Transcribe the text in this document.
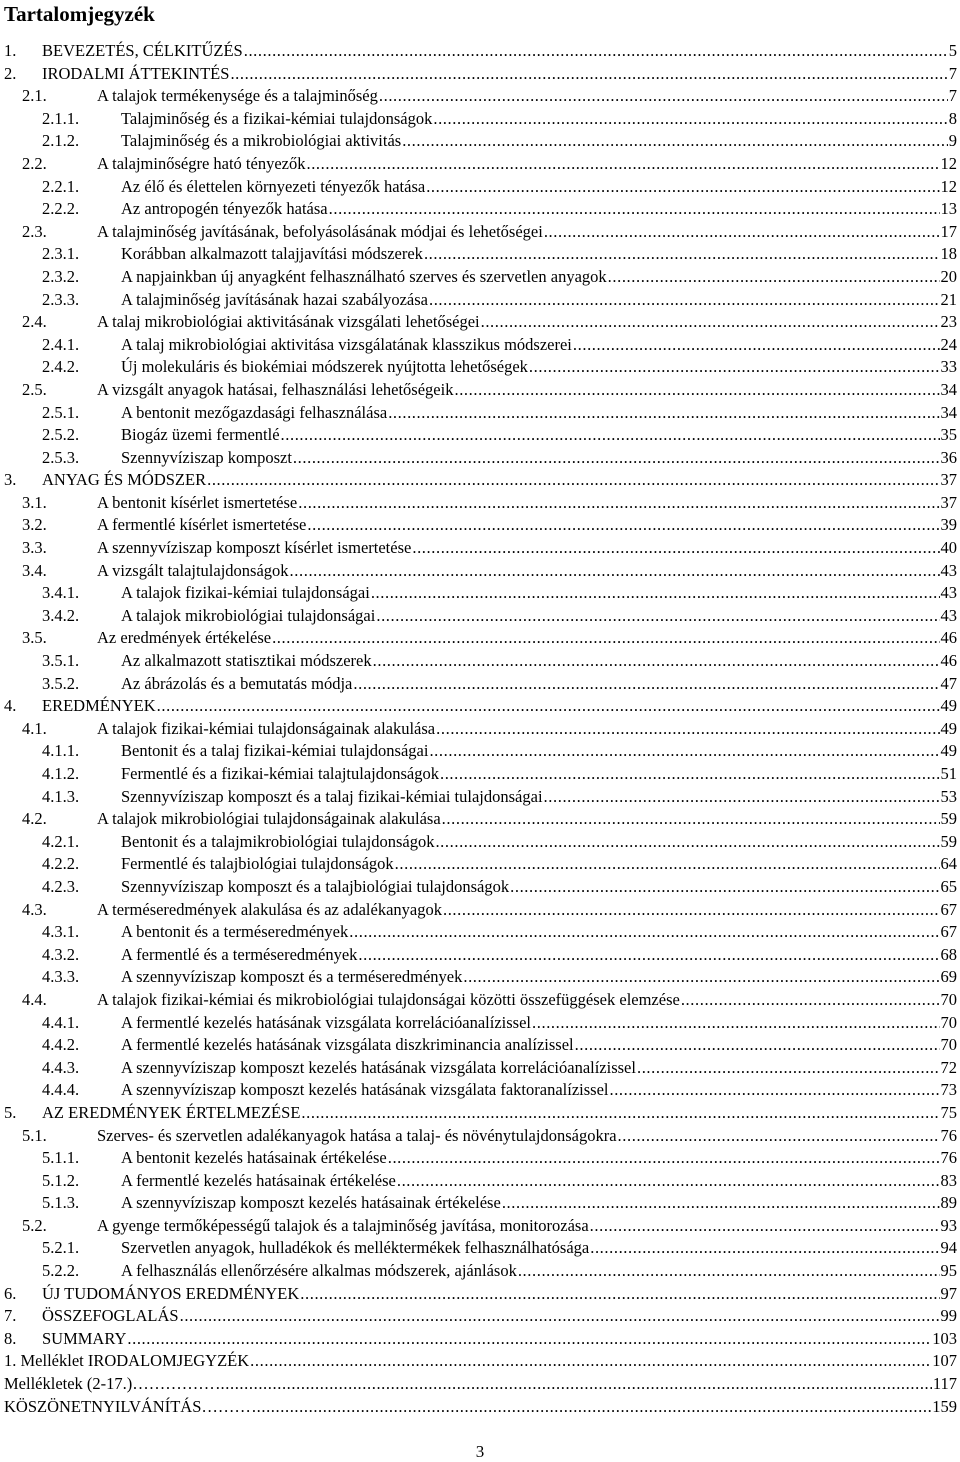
Tartalomjegyzék
1. BEVEZETÉS, CÉLKITŰZÉS .....	5
2. IRODALMI ÁTTEKINTÉS .....	7
2.1.	A talajok termékenysége és a talajminőség .....	7
2.1.1.	Talajminőség és a fizikai-kémiai tulajdonságok .....	8
2.1.2.	Talajminőség és a mikrobiológiai aktivitás .....	9
2.2.	A talajminőségre ható tényezők .....	12
2.2.1.	Az élő és élettelen környezeti tényezők hatása .....	12
2.2.2.	Az antropogén tényezők hatása .....	13
2.3.	A talajminőség javításának, befolyásolásának módjai és lehetőségei .....	17
2.3.1.	Korábban alkalmazott talajjavítási módszerek .....	18
2.3.2.	A napjainkban új anyagként felhasználható szerves és szervetlen anyagok .....	20
2.3.3.	A talajminőség javításának hazai szabályozása .....	21
2.4.	A talaj mikrobiológiai aktivitásának vizsgálati lehetőségei .....	23
2.4.1.	A talaj mikrobiológiai aktivitása vizsgálatának klasszikus módszerei .....	24
2.4.2.	Új molekuláris és biokémiai módszerek nyújtotta lehetőségek .....	33
2.5.	A vizsgált anyagok hatásai, felhasználási lehetőségeik .....	34
2.5.1.	A bentonit mezőgazdasági felhasználása .....	34
2.5.2.	Biogáz üzemi fermentlé .....	35
2.5.3.	Szennyvíziszap komposzt .....	36
3. ANYAG ÉS MÓDSZER .....	37
3.1.	A bentonit kísérlet ismertetése .....	37
3.2.	A fermentlé kísérlet ismertetése .....	39
3.3.	A szennyvíziszap komposzt kísérlet ismertetése .....	40
3.4.	A vizsgált talajtulajdonságok .....	43
3.4.1.	A talajok fizikai-kémiai tulajdonságai .....	43
3.4.2.	A talajok mikrobiológiai tulajdonságai .....	43
3.5.	Az eredmények értékelése .....	46
3.5.1.	Az alkalmazott statisztikai módszerek .....	46
3.5.2.	Az ábrázolás és a bemutatás módja .....	47
4. EREDMÉNYEK .....	49
4.1.	A talajok fizikai-kémiai tulajdonságainak alakulása .....	49
4.1.1.	Bentonit és a talaj fizikai-kémiai tulajdonságai .....	49
4.1.2.	Fermentlé és a fizikai-kémiai talajtulajdonságok .....	51
4.1.3.	Szennyvíziszap komposzt és a talaj fizikai-kémiai tulajdonságai .....	53
4.2.	A talajok mikrobiológiai tulajdonságainak alakulása .....	59
4.2.1.	Bentonit és a talajmikrobiológiai tulajdonságok .....	59
4.2.2.	Fermentlé és talajbiológiai tulajdonságok .....	64
4.2.3.	Szennyvíziszap komposzt és a talajbiológiai tulajdonságok .....	65
4.3.	A terméseredmények alakulása és az adalékanyagok .....	67
4.3.1.	A bentonit és a terméseredmények .....	67
4.3.2.	A fermentlé és a terméseredmények .....	68
4.3.3.	A szennyvíziszap komposzt és a terméseredmények .....	69
4.4.	A talajok fizikai-kémiai és mikrobiológiai tulajdonságai közötti összefüggések elemzése .....	70
4.4.1.	A fermentlé kezelés hatásának vizsgálata korrelációanalízissel .....	70
4.4.2.	A fermentlé kezelés hatásának vizsgálata diszkriminancia analízissel .....	70
4.4.3.	A szennyvíziszap komposzt kezelés hatásának vizsgálata korrelációanalízissel .....	72
4.4.4.	A szennyvíziszap komposzt kezelés hatásának vizsgálata faktoranalízissel .....	73
5. AZ EREDMÉNYEK ÉRTELMEZÉSE .....	75
5.1.	Szerves- és szervetlen adalékanyagok hatása a talaj- és növénytulajdonságokra .....	76
5.1.1.	A bentonit kezelés hatásainak értékelése .....	76
5.1.2.	A fermentlé kezelés hatásainak értékelése .....	83
5.1.3.	A szennyvíziszap komposzt kezelés hatásainak értékelése .....	89
5.2.	A gyenge termőképességű talajok és a talajminőség javítása, monitorozása .....	93
5.2.1.	Szervetlen anyagok, hulladékok és melléktermékek felhasználhatósága .....	94
5.2.2.	A felhasználás ellenőrzésére alkalmas módszerek, ajánlások .....	95
6. ÚJ TUDOMÁNYOS EREDMÉNYEK .....	97
7. ÖSSZEFOGLALÁS .....	99
8. SUMMARY .....	103
1. Melléklet IRODALOMJEGYZÉK .....	107
Mellékletek (2-17.)…………… .....	117
KÖSZÖNETNYILVÁNÍTÁS……… .....	159
3
